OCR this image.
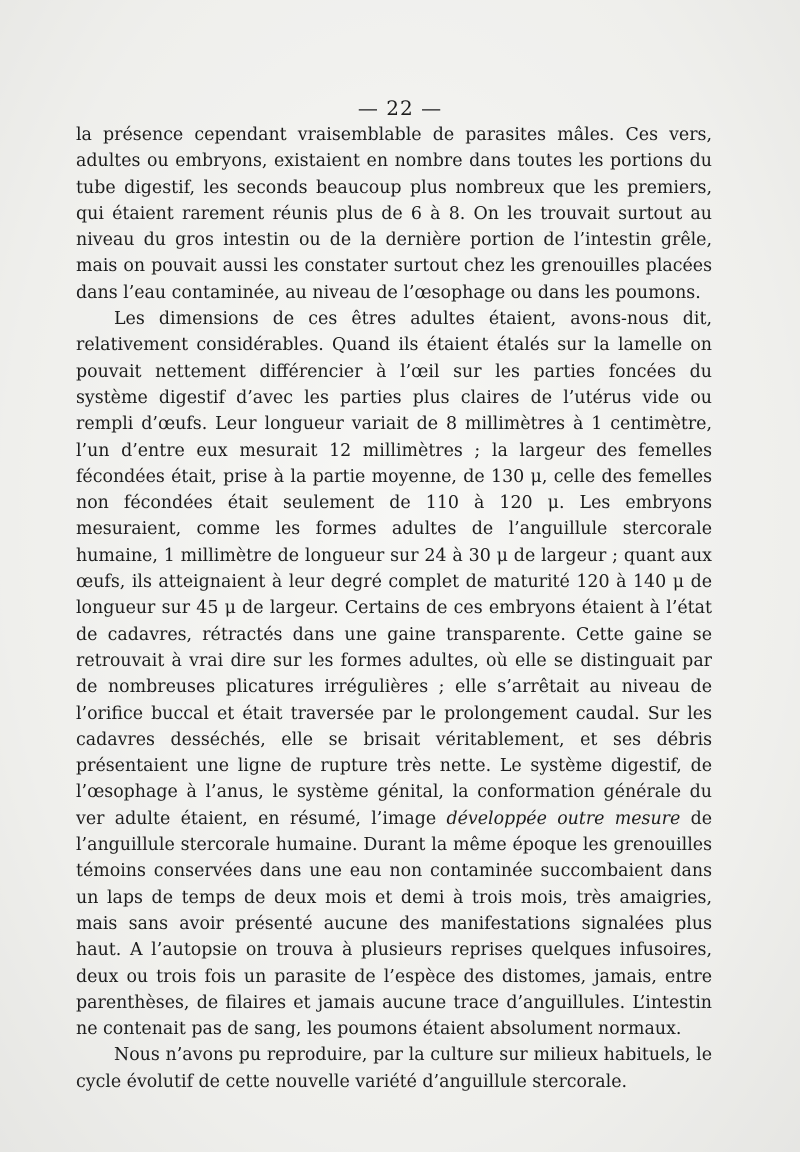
— 22 —

la présence cependant vraisemblable de parasites mâles. Ces vers, adultes ou embryons, existaient en nombre dans toutes les portions du tube digestif, les seconds beaucoup plus nombreux que les premiers, qui étaient rarement réunis plus de 6 à 8. On les trouvait surtout au niveau du gros intestin ou de la dernière portion de l’intestin grêle, mais on pouvait aussi les constater surtout chez les grenouilles placées dans l’eau contaminée, au niveau de l’œsophage ou dans les poumons.

Les dimensions de ces êtres adultes étaient, avons-nous dit, relativement considérables. Quand ils étaient étalés sur la lamelle on pouvait nettement différencier à l’œil sur les parties foncées du système digestif d’avec les parties plus claires de l’utérus vide ou rempli d’œufs. Leur longueur variait de 8 millimètres à 1 centimètre, l’un d’entre eux mesurait 12 millimètres ; la largeur des femelles fécondées était, prise à la partie moyenne, de 130 μ, celle des femelles non fécondées était seulement de 110 à 120 μ. Les embryons mesuraient, comme les formes adultes de l’anguillule stercorale humaine, 1 millimètre de longueur sur 24 à 30 μ de largeur ; quant aux œufs, ils atteignaient à leur degré complet de maturité 120 à 140 μ de longueur sur 45 μ de largeur. Certains de ces embryons étaient à l’état de cadavres, rétractés dans une gaine transparente. Cette gaine se retrouvait à vrai dire sur les formes adultes, où elle se distinguait par de nombreuses plicatures irrégulières ; elle s’arrêtait au niveau de l’orifice buccal et était traversée par le prolongement caudal. Sur les cadavres desséchés, elle se brisait véritablement, et ses débris présentaient une ligne de rupture très nette. Le système digestif, de l’œsophage à l’anus, le système génital, la conformation générale du ver adulte étaient, en résumé, l’image développée outre mesure de l’anguillule stercorale humaine. Durant la même époque les grenouilles témoins conservées dans une eau non contaminée succombaient dans un laps de temps de deux mois et demi à trois mois, très amaigries, mais sans avoir présenté aucune des manifestations signalées plus haut. A l’autopsie on trouva à plusieurs reprises quelques infusoires, deux ou trois fois un parasite de l’espèce des distomes, jamais, entre parenthèses, de filaires et jamais aucune trace d’anguillules. L’intestin ne contenait pas de sang, les poumons étaient absolument normaux.

Nous n’avons pu reproduire, par la culture sur milieux habituels, le cycle évolutif de cette nouvelle variété d’anguillule stercorale.
